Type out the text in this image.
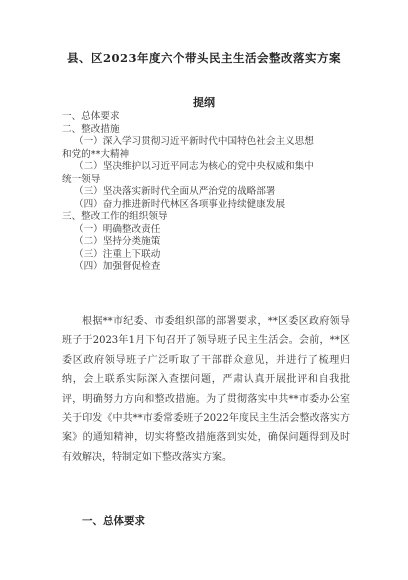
县、区2023年度六个带头民主生活会整改落实方案
提纲
一、总体要求
二、整改措施
（一）深入学习贯彻习近平新时代中国特色社会主义思想
和党的**大精神
（二）坚决维护以习近平同志为核心的党中央权威和集中
统一领导
（三）坚决落实新时代全面从严治党的战略部署
（四）奋力推进新时代林区各项事业持续健康发展
三、整改工作的组织领导
（一）明确整改责任
（二）坚持分类施策
（三）注重上下联动
（四）加强督促检查

根据**市纪委、市委组织部的部署要求，**区委区政府领导班子于2023年1月下旬召开了领导班子民主生活会。会前，**区委区政府领导班子广泛听取了干部群众意见，并进行了梳理归纳，会上联系实际深入查摆问题，严肃认真开展批评和自我批评，明确努力方向和整改措施。为了贯彻落实中共**市委办公室关于印发《中共**市委常委班子2022年度民主生活会整改落实方案》的通知精神，切实将整改措施落到实处，确保问题得到及时有效解决，特制定如下整改落实方案。

一、总体要求
